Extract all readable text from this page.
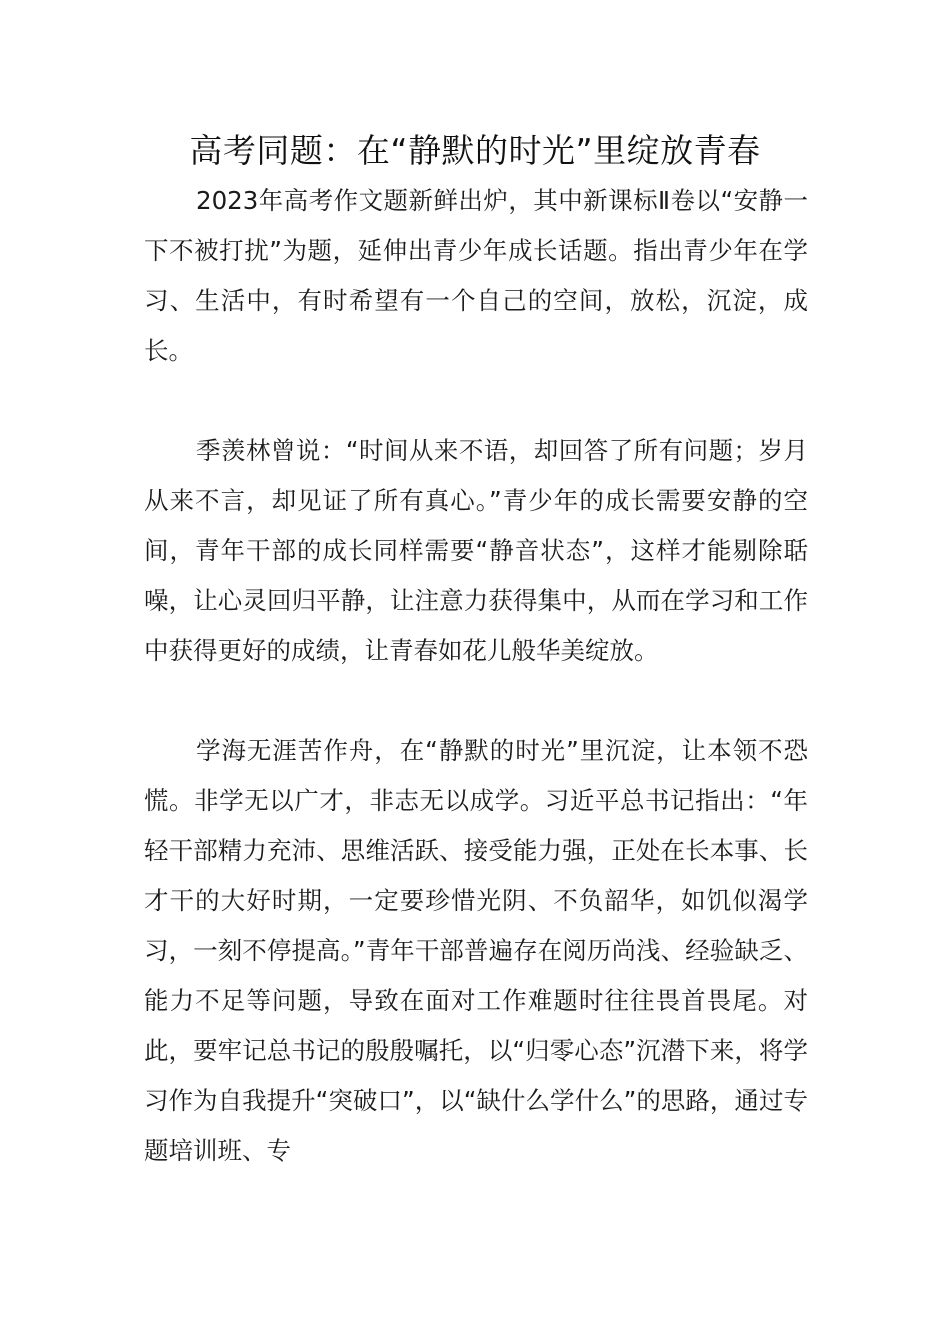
高考同题：在“静默的时光”里绽放青春

2023年高考作文题新鲜出炉，其中新课标Ⅱ卷以“安静一下不被打扰”为题，延伸出青少年成长话题。指出青少年在学习、生活中，有时希望有一个自己的空间，放松，沉淀，成长。

季羡林曾说：“时间从来不语，却回答了所有问题；岁月从来不言，却见证了所有真心。”青少年的成长需要安静的空间，青年干部的成长同样需要“静音状态”，这样才能剔除聒噪，让心灵回归平静，让注意力获得集中，从而在学习和工作中获得更好的成绩，让青春如花儿般华美绽放。

学海无涯苦作舟，在“静默的时光”里沉淀，让本领不恐慌。非学无以广才，非志无以成学。习近平总书记指出：“年轻干部精力充沛、思维活跃、接受能力强，正处在长本事、长才干的大好时期，一定要珍惜光阴、不负韶华，如饥似渴学习，一刻不停提高。”青年干部普遍存在阅历尚浅、经验缺乏、能力不足等问题，导致在面对工作难题时往往畏首畏尾。对此，要牢记总书记的殷殷嘱托，以“归零心态”沉潜下来，将学习作为自我提升“突破口”，以“缺什么学什么”的思路，通过专题培训班、专
